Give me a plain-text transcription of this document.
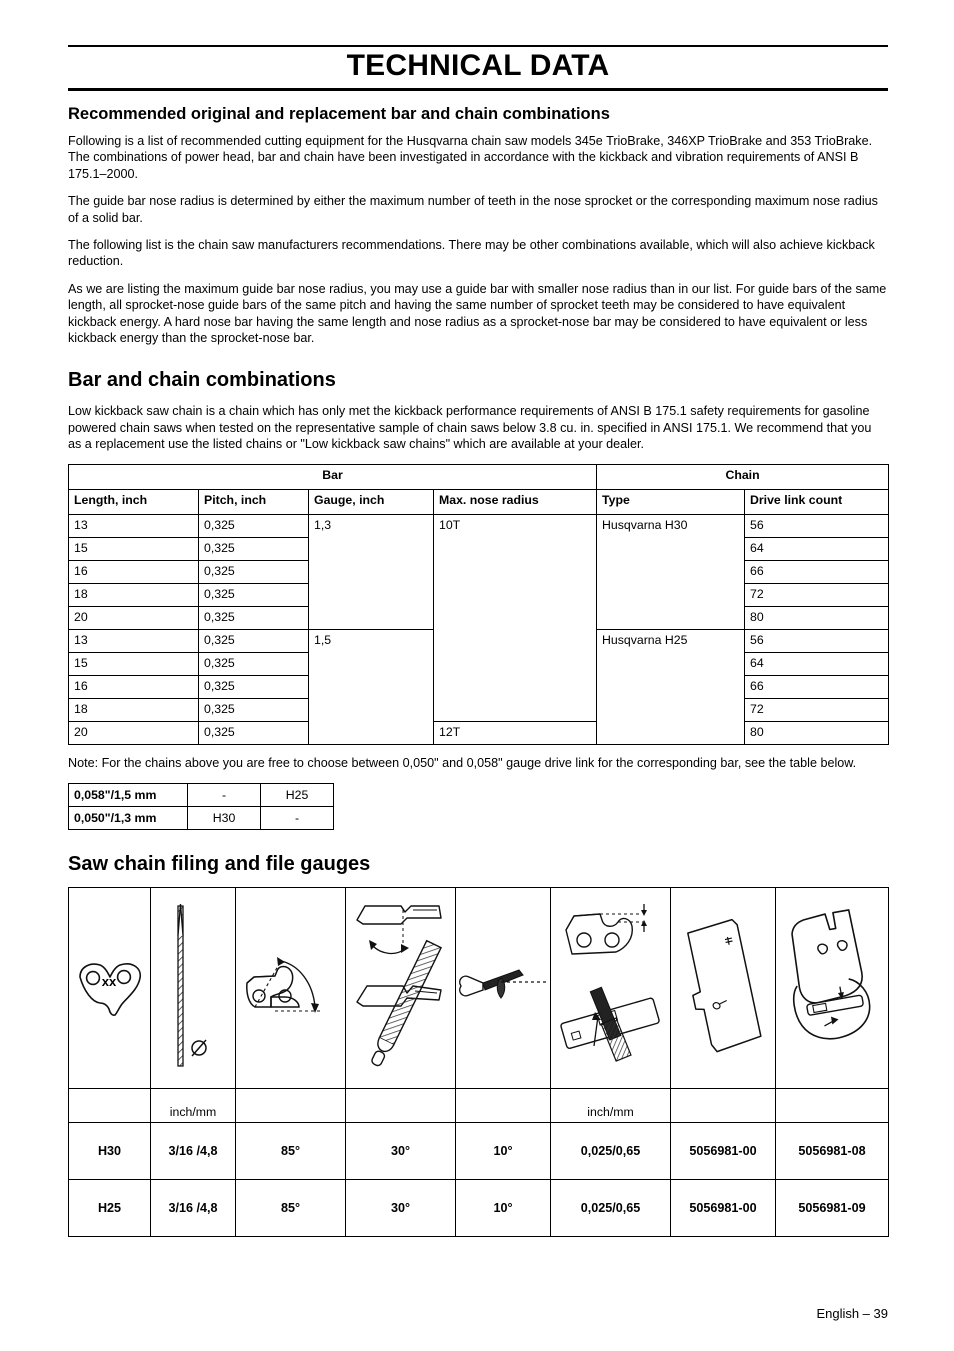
TECHNICAL DATA
Recommended original and replacement bar and chain combinations

Following is a list of recommended cutting equipment for the Husqvarna chain saw models 345e TrioBrake, 346XP TrioBrake and 353 TrioBrake. The combinations of power head, bar and chain have been investigated in accordance with the kickback and vibration requirements of ANSI B 175.1–2000.

The guide bar nose radius is determined by either the maximum number of teeth in the nose sprocket or the corresponding maximum nose radius of a solid bar.

The following list is the chain saw manufacturers recommendations. There may be other combinations available, which will also achieve kickback reduction.

As we are listing the maximum guide bar nose radius, you may use a guide bar with smaller nose radius than in our list. For guide bars of the same length, all sprocket-nose guide bars of the same pitch and having the same number of sprocket teeth may be considered to have equivalent kickback energy. A hard nose bar having the same length and nose radius as a sprocket-nose bar may be considered to have equivalent or less kickback energy than the sprocket-nose bar.

Bar and chain combinations

Low kickback saw chain is a chain which has only met the kickback performance requirements of ANSI B 175.1 safety requirements for gasoline powered chain saws when tested on the representative sample of chain saws below 3.8 cu. in. specified in ANSI 175.1. We recommend that you as a replacement use the listed chains or "Low kickback saw chains" which are available at your dealer.

Bar				Chain	
Length, inch	Pitch, inch	Gauge, inch	Max. nose radius	Type	Drive link count
13	0,325	1,3	10T	Husqvarna H30	56
15	0,325				64
16	0,325				66
18	0,325				72
20	0,325				80
13	0,325	1,5		Husqvarna H25	56
15	0,325				64
16	0,325				66
18	0,325				72
20	0,325		12T		80

Note: For the chains above you are free to choose between 0,050" and 0,058" gauge drive link for the corresponding bar, see the table below.

0,058"/1,5 mm	-	H25
0,050"/1,3 mm	H30	-
Saw chain filing and file gauges
xx

	inch/mm				inch/mm		
H30	3/16 /4,8	85°	30°	10°	0,025/0,65	5056981-00	5056981-08
H25	3/16 /4,8	85°	30°	10°	0,025/0,65	5056981-00	5056981-09
English – 39
